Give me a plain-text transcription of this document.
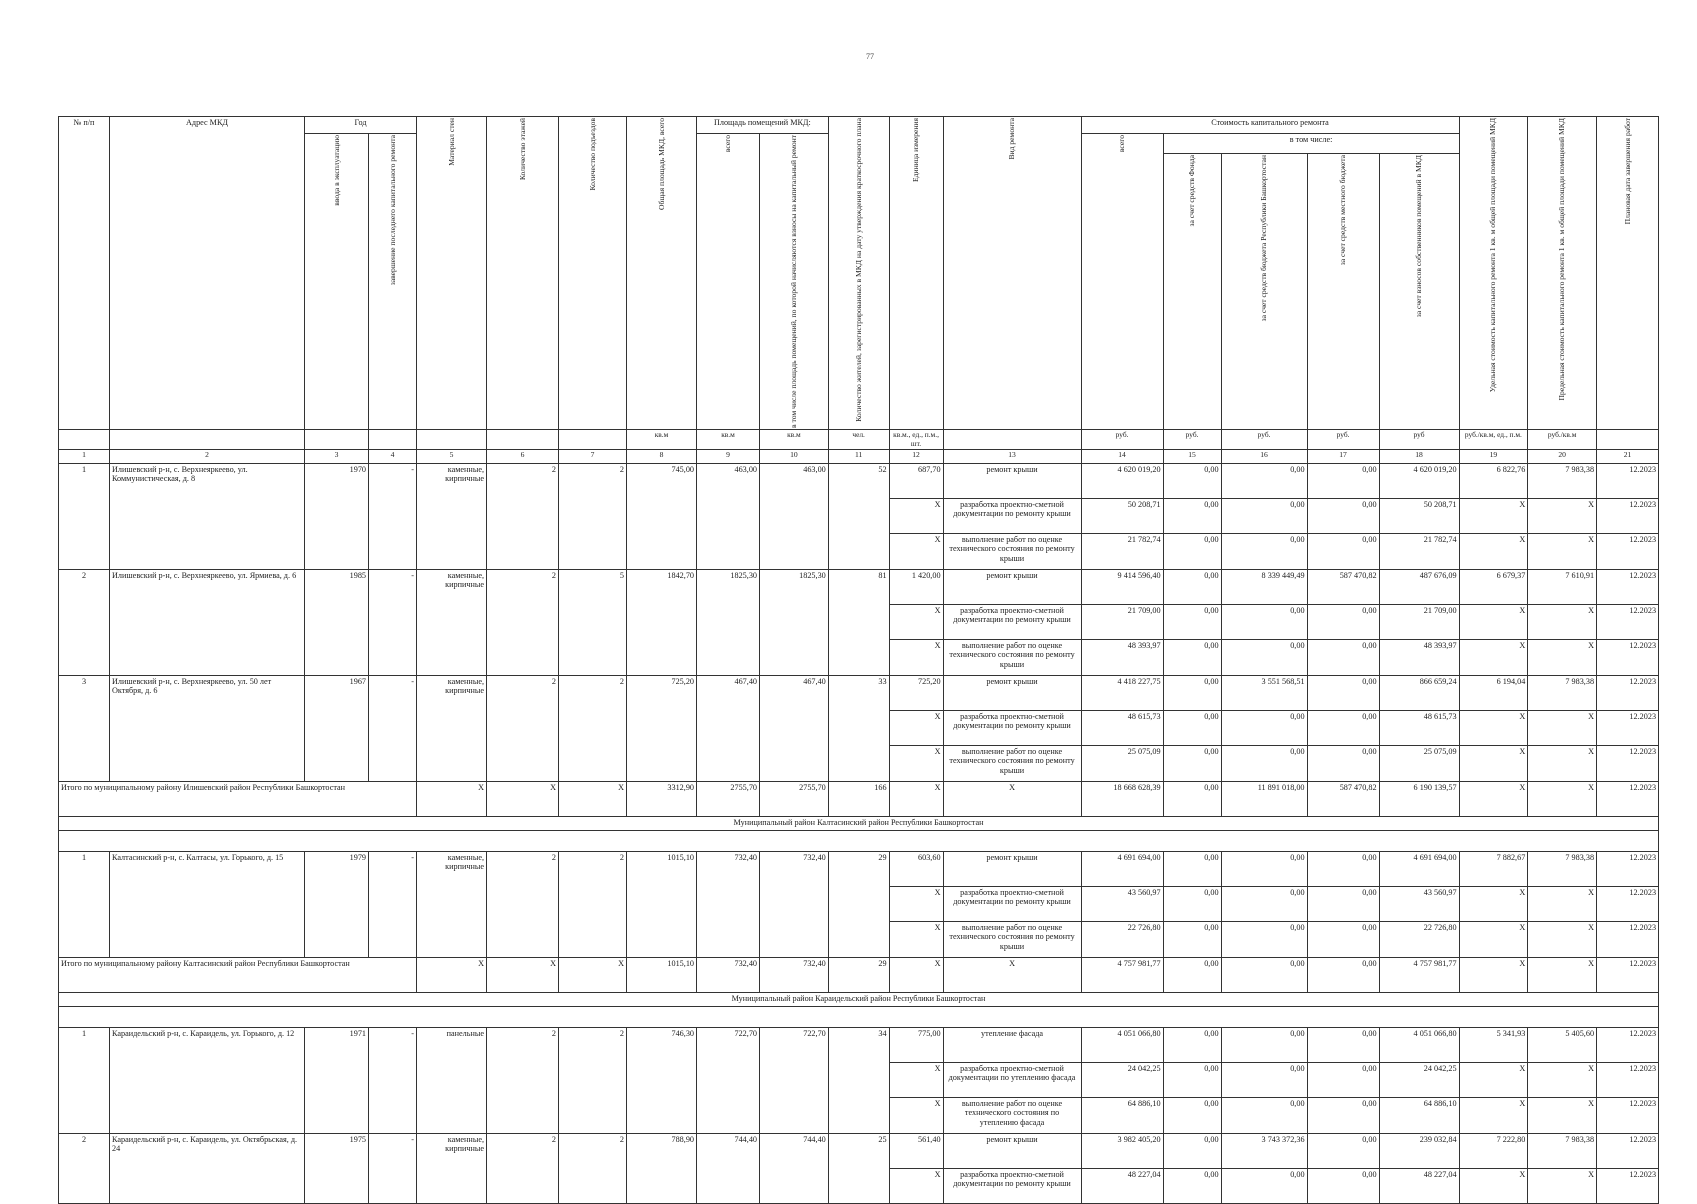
77
№ п/п	Адрес МКД	Год		Материал стен	Количество этажей	Количество подъездов	Общая площадь МКД, всего	Площадь помещений МКД:		Количество жителей, зарегистрированных в МКД на дату утверждения краткосрочного плана	Единица измерения	Вид ремонта	Стоимость капитального ремонта					Удельная стоимость капитального ремонта 1 кв. м общей площади помещений МКД	Предельная стоимость капитального ремонта 1 кв. м общей площади помещений МКД	Плановая дата завершения работ

		ввода в эксплуатацию	завершение последнего капитального ремонта					всего	в том числе площадь помещений, по которой начисляются взносы на капитальный ремонт				всего	в том числе:						

														за счет средств Фонда	за счет средств бюджета Республики Башкортостан	за счет средств местного бюджета	за счет взносов собственников помещений в МКД			

							кв.м	кв.м	кв.м	чел.	кв.м., ед., п.м., шт.		руб.	руб.	руб.	руб.	руб	руб./кв.м, ед., п.м.	руб./кв.м	
1	2	3	4	5	6	7	8	9	10	11	12	13	14	15	16	17	18	19	20	21
1	Илишевский р-н, с. Верхнеяркеево, ул. Коммунистическая, д. 8	1970	-	каменные, кирпичные	2	2	745,00	463,00	463,00	52	687,70	ремонт крыши	4 620 019,20	0,00	0,00	0,00	4 620 019,20	6 822,76	7 983,38	12.2023
											X	разработка проектно-сметной документации по ремонту крыши	50 208,71	0,00	0,00	0,00	50 208,71	X	X	12.2023
											X	выполнение работ по оценке технического состояния по ремонту крыши	21 782,74	0,00	0,00	0,00	21 782,74	X	X	12.2023
2	Илишевский р-н, с. Верхнеяркеево, ул. Ярмиева, д. 6	1985	-	каменные, кирпичные	2	5	1842,70	1825,30	1825,30	81	1 420,00	ремонт крыши	9 414 596,40	0,00	8 339 449,49	587 470,82	487 676,09	6 679,37	7 610,91	12.2023
											X	разработка проектно-сметной документации по ремонту крыши	21 709,00	0,00	0,00	0,00	21 709,00	X	X	12.2023
											X	выполнение работ по оценке технического состояния по ремонту крыши	48 393,97	0,00	0,00	0,00	48 393,97	X	X	12.2023
3	Илишевский р-н, с. Верхнеяркеево, ул. 50 лет Октября, д. 6	1967	-	каменные, кирпичные	2	2	725,20	467,40	467,40	33	725,20	ремонт крыши	4 418 227,75	0,00	3 551 568,51	0,00	866 659,24	6 194,04	7 983,38	12.2023
											X	разработка проектно-сметной документации по ремонту крыши	48 615,73	0,00	0,00	0,00	48 615,73	X	X	12.2023
											X	выполнение работ по оценке технического состояния по ремонту крыши	25 075,09	0,00	0,00	0,00	25 075,09	X	X	12.2023
Итого по муниципальному району Илишевский район Республики Башкортостан				X	X	X	3312,90	2755,70	2755,70	166	X	X	18 668 628,39	0,00	11 891 018,00	587 470,82	6 190 139,57	X	X	12.2023
Муниципальный район Калтасинский район Республики Башкортостан																				

1	Калтасинский р-н, с. Калтасы, ул. Горького, д. 15	1979	-	каменные, кирпичные	2	2	1015,10	732,40	732,40	29	603,60	ремонт крыши	4 691 694,00	0,00	0,00	0,00	4 691 694,00	7 882,67	7 983,38	12.2023
											X	разработка проектно-сметной документации по ремонту крыши	43 560,97	0,00	0,00	0,00	43 560,97	X	X	12.2023
											X	выполнение работ по оценке технического состояния по ремонту крыши	22 726,80	0,00	0,00	0,00	22 726,80	X	X	12.2023
Итого по муниципальному району Калтасинский район Республики Башкортостан				X	X	X	1015,10	732,40	732,40	29	X	X	4 757 981,77	0,00	0,00	0,00	4 757 981,77	X	X	12.2023
Муниципальный район Караидельский район Республики Башкортостан																				

1	Караидельский р-н, с. Караидель, ул. Горького, д. 12	1971	-	панельные	2	2	746,30	722,70	722,70	34	775,00	утепление фасада	4 051 066,80	0,00	0,00	0,00	4 051 066,80	5 341,93	5 405,60	12.2023
											X	разработка проектно-сметной документации по утеплению фасада	24 042,25	0,00	0,00	0,00	24 042,25	X	X	12.2023
											X	выполнение работ по оценке технического состояния по утеплению фасада	64 886,10	0,00	0,00	0,00	64 886,10	X	X	12.2023
2	Караидельский р-н, с. Караидель, ул. Октябрьская, д. 24	1975	-	каменные, кирпичные	2	2	788,90	744,40	744,40	25	561,40	ремонт крыши	3 982 405,20	0,00	3 743 372,36	0,00	239 032,84	7 222,80	7 983,38	12.2023
											X	разработка проектно-сметной документации по ремонту крыши	48 227,04	0,00	0,00	0,00	48 227,04	X	X	12.2023
